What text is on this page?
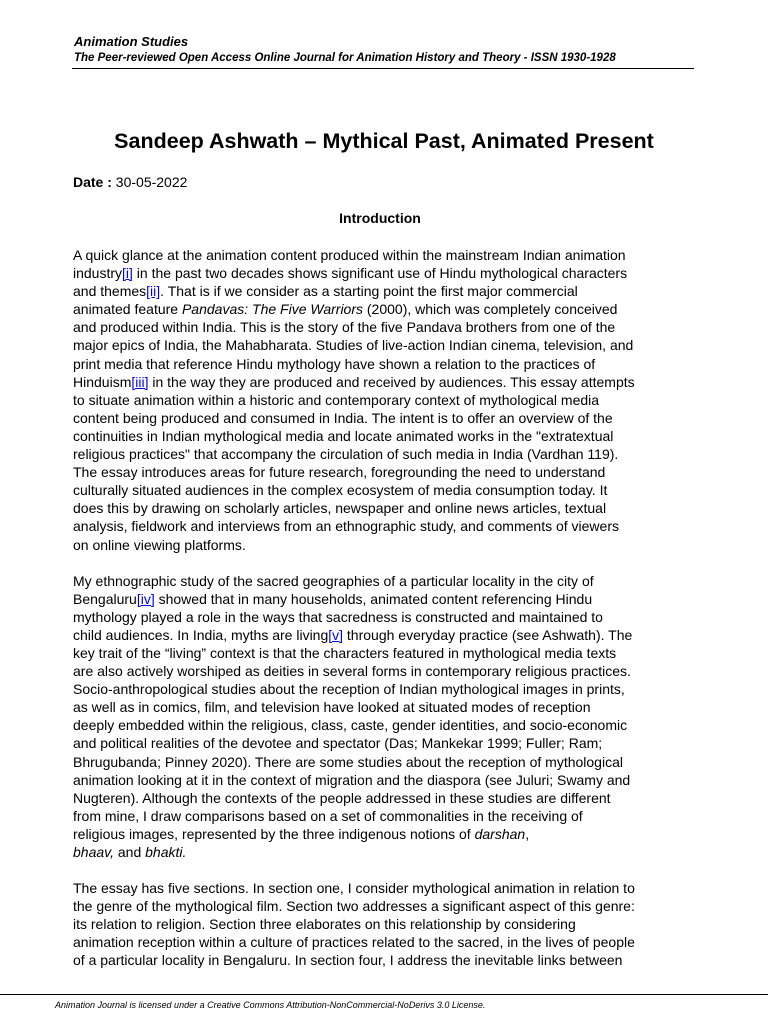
Animation Studies
The Peer-reviewed Open Access Online Journal for Animation History and Theory - ISSN 1930-1928
Sandeep Ashwath – Mythical Past, Animated Present
Date : 30-05-2022
Introduction

A quick glance at the animation content produced within the mainstream Indian animation
industry[i] in the past two decades shows significant use of Hindu mythological characters
and themes[ii]. That is if we consider as a starting point the first major commercial
animated feature Pandavas: The Five Warriors (2000), which was completely conceived
and produced within India. This is the story of the five Pandava brothers from one of the
major epics of India, the Mahabharata. Studies of live-action Indian cinema, television, and
print media that reference Hindu mythology have shown a relation to the practices of
Hinduism[iii] in the way they are produced and received by audiences. This essay attempts
to situate animation within a historic and contemporary context of mythological media
content being produced and consumed in India. The intent is to offer an overview of the
continuities in Indian mythological media and locate animated works in the "extratextual
religious practices" that accompany the circulation of such media in India (Vardhan 119).
The essay introduces areas for future research, foregrounding the need to understand
culturally situated audiences in the complex ecosystem of media consumption today. It
does this by drawing on scholarly articles, newspaper and online news articles, textual
analysis, fieldwork and interviews from an ethnographic study, and comments of viewers
on online viewing platforms.

My ethnographic study of the sacred geographies of a particular locality in the city of
Bengaluru[iv] showed that in many households, animated content referencing Hindu
mythology played a role in the ways that sacredness is constructed and maintained to
child audiences. In India, myths are living[v] through everyday practice (see Ashwath). The
key trait of the “living” context is that the characters featured in mythological media texts
are also actively worshiped as deities in several forms in contemporary religious practices.
Socio-anthropological studies about the reception of Indian mythological images in prints,
as well as in comics, film, and television have looked at situated modes of reception
deeply embedded within the religious, class, caste, gender identities, and socio-economic
and political realities of the devotee and spectator (Das; Mankekar 1999; Fuller; Ram;
Bhrugubanda; Pinney 2020). There are some studies about the reception of mythological
animation looking at it in the context of migration and the diaspora (see Juluri; Swamy and
Nugteren). Although the contexts of the people addressed in these studies are different
from mine, I draw comparisons based on a set of commonalities in the receiving of
religious images, represented by the three indigenous notions of darshan,
bhaav, and bhakti.

The essay has five sections. In section one, I consider mythological animation in relation to
the genre of the mythological film. Section two addresses a significant aspect of this genre:
its relation to religion. Section three elaborates on this relationship by considering
animation reception within a culture of practices related to the sacred, in the lives of people
of a particular locality in Bengaluru. In section four, I address the inevitable links between

Animation Journal is licensed under a Creative Commons Attribution-NonCommercial-NoDerivs 3.0 License.
